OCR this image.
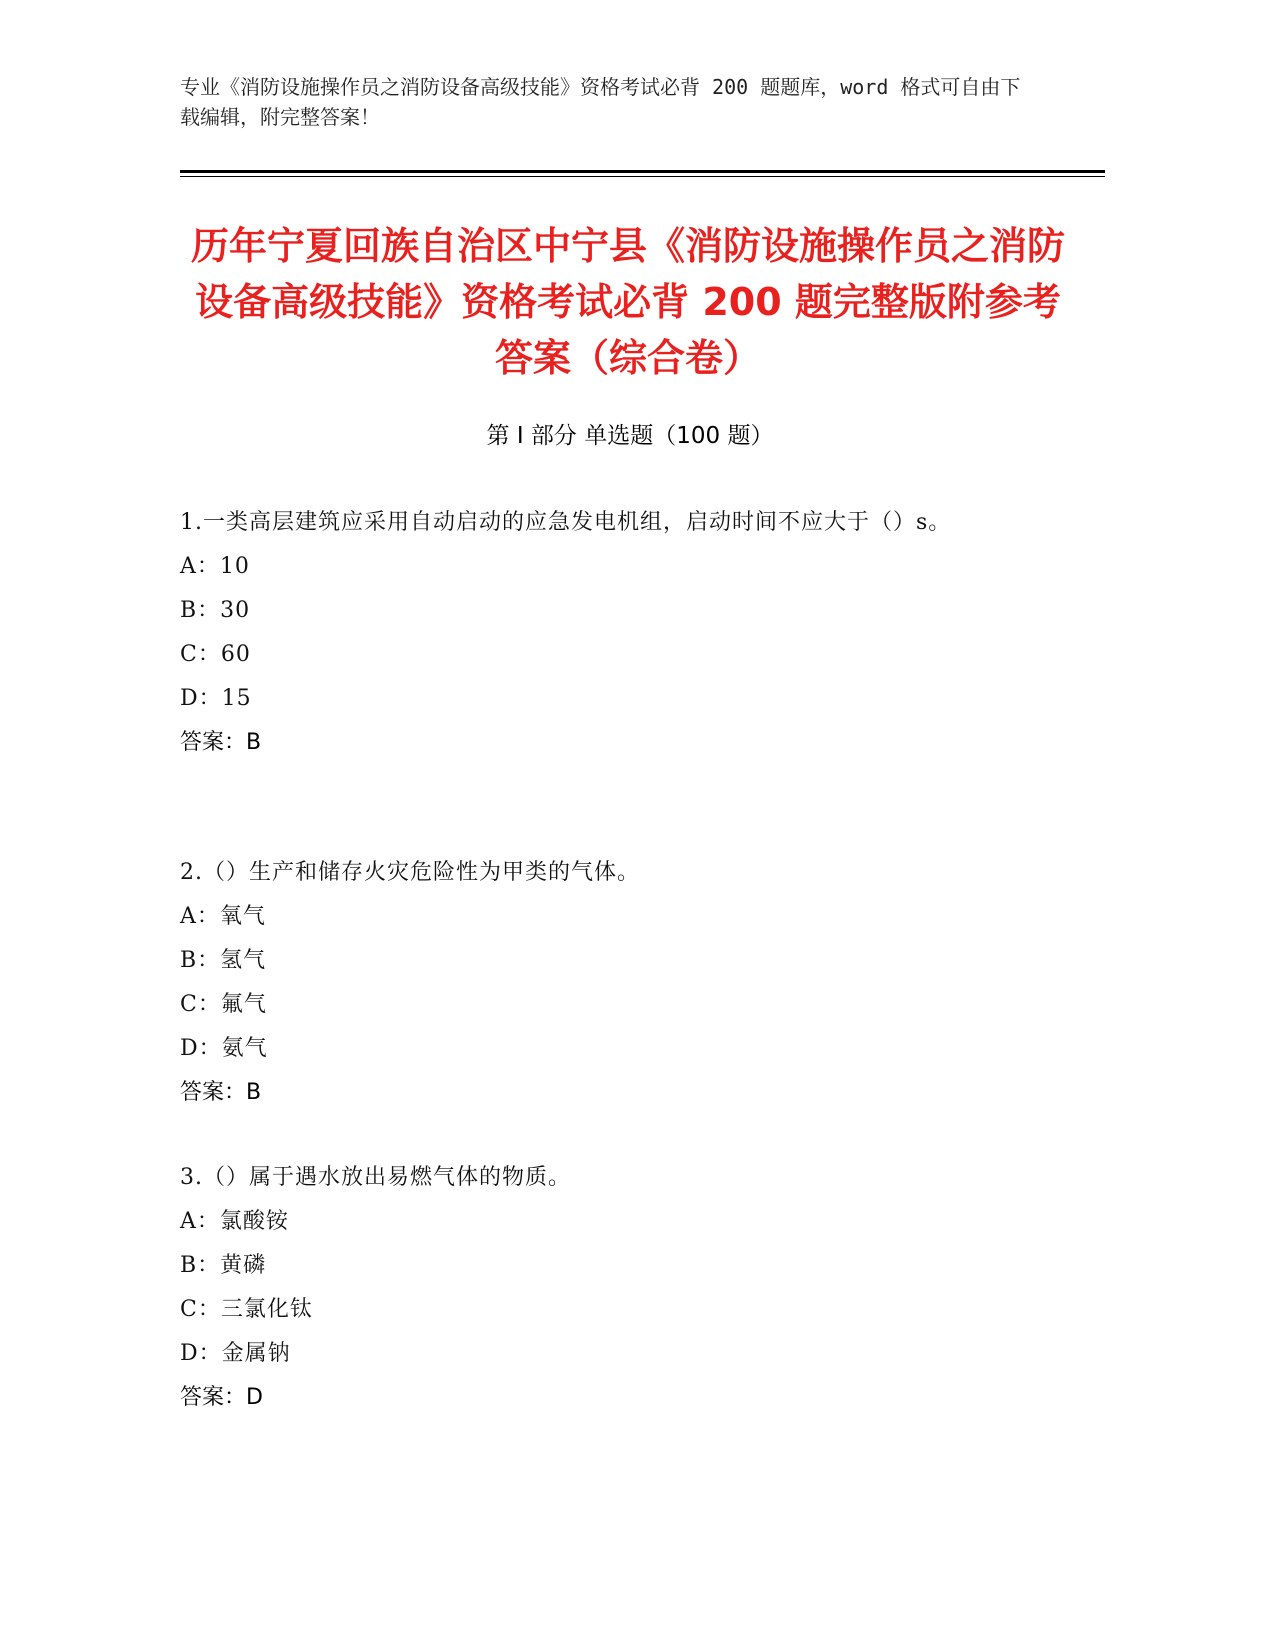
专业《消防设施操作员之消防设备高级技能》资格考试必背 200 题题库，word 格式可自由下载编辑，附完整答案！
历年宁夏回族自治区中宁县《消防设施操作员之消防设备高级技能》资格考试必背 200 题完整版附参考答案（综合卷）
第 I 部分 单选题（100 题）
1.一类高层建筑应采用自动启动的应急发电机组，启动时间不应大于（）s。
A：10
B：30
C：60
D：15
答案：B
2.（）生产和储存火灾危险性为甲类的气体。
A：氧气
B：氢气
C：氟气
D：氨气
答案：B
3.（）属于遇水放出易燃气体的物质。
A：氯酸铵
B：黄磷
C：三氯化钛
D：金属钠
答案：D
